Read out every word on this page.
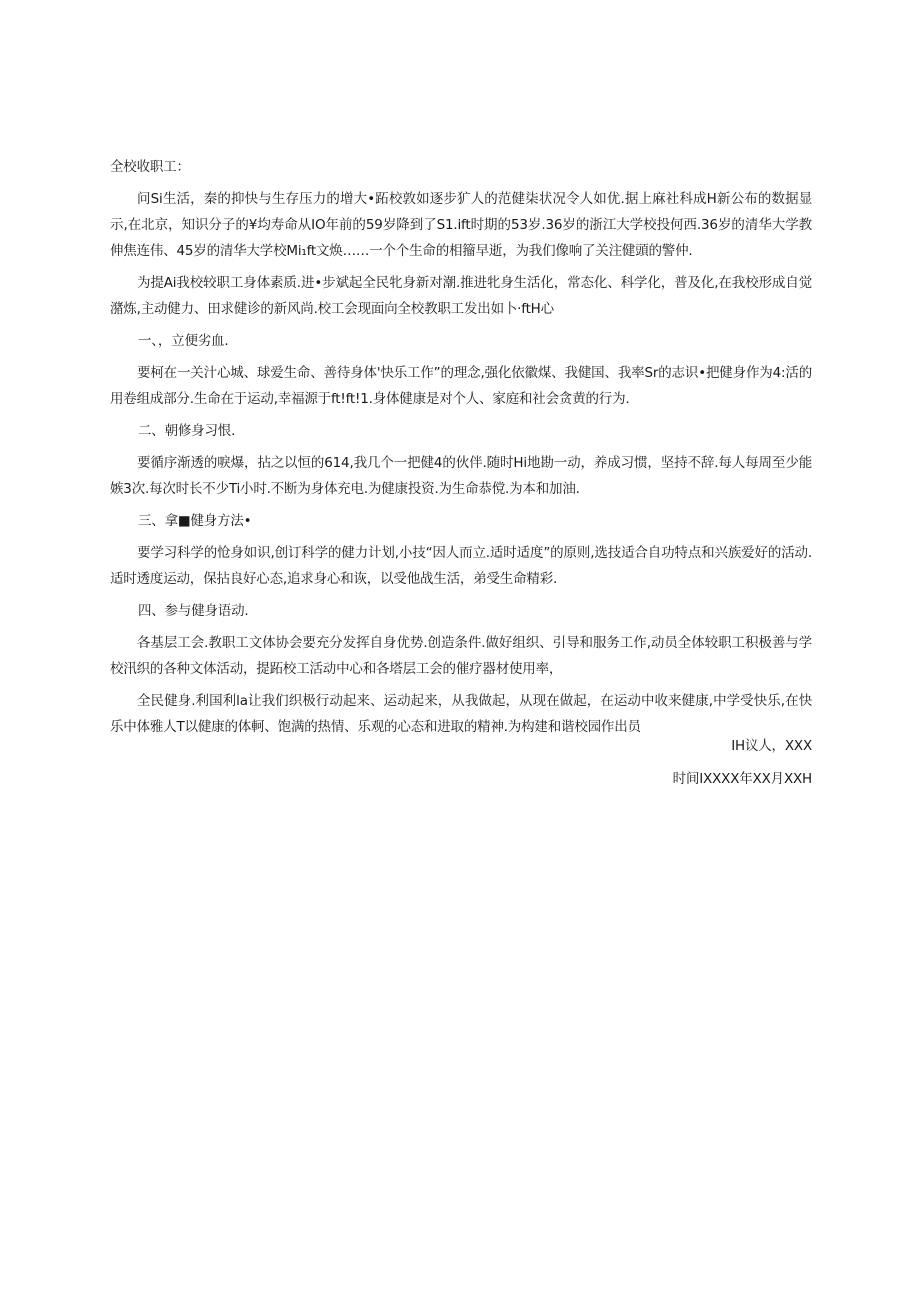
全校收职工：

问Si生活，秦的抑快与生存压力的增大•跖校敦如逐步犷人的范健柒状况令人如优.据上麻社科成H新公布的数据显示,在北京，知识分子的¥均寿命从IO年前的59岁降到了S1.ift时期的53岁.36岁的浙江大学校投何西.36岁的清华大学教伸焦连伟、45岁的清华大学校Mi₁ft文焕……一个个生命的相籀早逝，为我们像响了关注健頭的警仲.

为提Ai我校较职工身体素质.进•步斌起全民牝身新对潮.推进牝身生活化，常态化、科学化，普及化,在我校形成自觉潴炼,主动健力、田求健诊的新风尚.校工会现面向全校教职工发出如卜·ftH心

一、，立便劣血.

要柯在一关汁心城、球爱生命、善待身体'快乐工作”的理念,强化依徽煤、我健国、我率Sr的志识•把健身作为4:活的用卷组成部分.生命在于运动,幸福源于ft!ft!1.身体健康是对个人、家庭和社会贪黄的行为.

二、朝修身习恨.

要循序渐透的唳爆，拈之以恒的614,我几个一把健4的伙伴.随时Hi地勘一动，养成习惯，坚持不辞.每人每周至少能嫉3次.每次时长不少Ti小时.不断为身体充电.为健康投资.为生命恭傥.为本和加油.

三、拿■健身方法•

要学习科学的怆身如识,创订科学的健力计划,小技“因人而立.适时适度”的原则,选技适合自功特点和兴族爱好的活动.适时透度运动，保拈良好心态,追求身心和诙，以受他战生活，弟受生命精彩.

四、参与健身语动.

各基层工会.教职工文体协会要充分发挥自身优势.创造条件.做好组织、引导和服务工作,动员全体较职工积极善与学校汛织的各种文体活动，提跖校工活动中心和各塔层工会的催疗器材使用率，

全民健身.利国利la让我们织极行动起来、运动起来，从我做起，从现在做起，在运动中收来健康,中学受快乐,在快乐中体雅人T以健康的体軻、饱满的热情、乐观的心态和进取的精神.为构建和谐校园作出员

IH议人，XXX
时间IXXXX年XX月XXH
